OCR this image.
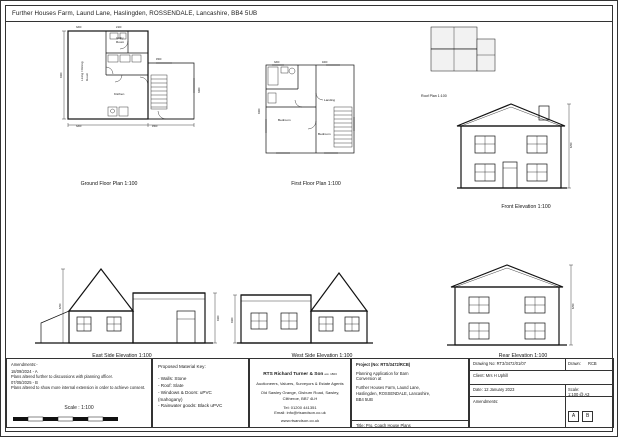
Further Houses Farm, Laund Lane, Haslingden, ROSSENDALE, Lancashire, BB4 5UB
Living / Dining Room
Utility
Room
Kitchen
3200	2100
4500
3200	4500
4800
3000
Ground Floor Plan 1:100
Landing
Bedroom
Bedroom
3200	4000
4800
First Floor Plan 1:100
Roof Plan 1:100
6700
Front Elevation 1:100
6700
4600
East Side Elevation 1:100
4600
West Side Elevation 1:100
6700
Rear Elevation 1:100
Amendments:-
18/09/2024 - A
Plans altered further to discussions with planning officer.
07/05/2025 - B
Plans altered to show more internal extension in order to achieve consent.
Scale : 1:100
Proposed Material Key:
- Walls: Stone
- Roof: Slate
- Windows & Doors: uPVC
(mahogany)
- Rainwater goods: Black uPVC
RTS Richard Turner & Son est. 1803
Auctioneers, Valuers, Surveyors & Estate Agents
Old Sawley Grange, Gisburn Road, Sawley,
Clitheroe, BB7 4LH
Tel: 01200 441351
Email: info@rtsandson.co.uk
www.rtsandson.co.uk
Project (No: RTS/3472/RCB)
Planning Application for Barn
Conversion at
Further Houses Farm, Laund Lane,
Haslingden, ROSSENDALE, Lancashire,
BB4 5UB
Title: Pro. Coach House Plans
Drawing No: RT3/3472/01/07	Drawn: RCB
Client: Mrs H Uphill
Date: 12 January 2023	Scale:
1:100 @ A3
Amendments:
A B
